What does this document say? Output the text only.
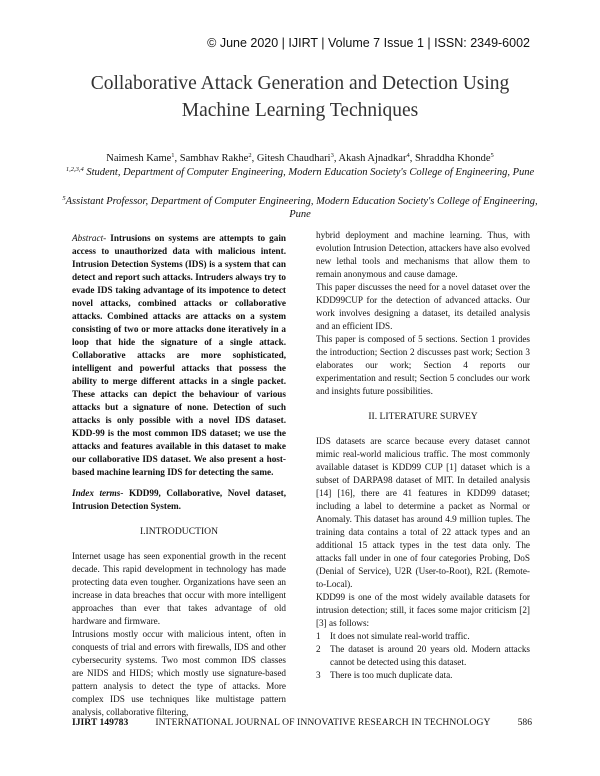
© June 2020 | IJIRT | Volume 7 Issue 1 | ISSN: 2349-6002
Collaborative Attack Generation and Detection Using Machine Learning Techniques
Naimesh Kame$^1$, Sambhav Rakhe$^2$, Gitesh Chaudhari$^3$, Akash Ajnadkar$^4$, Shraddha Khonde$^5$
$^{1,2,3,4}$ Student, Department of Computer Engineering, Modern Education Society's College of Engineering, Pune
$^5$Assistant Professor, Department of Computer Engineering, Modern Education Society's College of Engineering, Pune

Abstract- Intrusions on systems are attempts to gain access to unauthorized data with malicious intent. Intrusion Detection Systems (IDS) is a system that can detect and report such attacks. Intruders always try to evade IDS taking advantage of its impotence to detect novel attacks, combined attacks or collaborative attacks. Combined attacks are attacks on a system consisting of two or more attacks done iteratively in a loop that hide the signature of a single attack. Collaborative attacks are more sophisticated, intelligent and powerful attacks that possess the ability to merge different attacks in a single packet. These attacks can depict the behaviour of various attacks but a signature of none. Detection of such attacks is only possible with a novel IDS dataset. KDD-99 is the most common IDS dataset; we use the attacks and features available in this dataset to make our collaborative IDS dataset. We also present a host-based machine learning IDS for detecting the same.

Index terms- KDD99, Collaborative, Novel dataset, Intrusion Detection System.

I.INTRODUCTION

Internet usage has seen exponential growth in the recent decade. This rapid development in technology has made protecting data even tougher. Organizations have seen an increase in data breaches that occur with more intelligent approaches than ever that takes advantage of old hardware and firmware.

Intrusions mostly occur with malicious intent, often in conquests of trial and errors with firewalls, IDS and other cybersecurity systems. Two most common IDS classes are NIDS and HIDS; which mostly use signature-based pattern analysis to detect the type of attacks. More complex IDS use techniques like multistage pattern analysis, collaborative filtering,

hybrid deployment and machine learning. Thus, with evolution Intrusion Detection, attackers have also evolved new lethal tools and mechanisms that allow them to remain anonymous and cause damage.

This paper discusses the need for a novel dataset over the KDD99CUP for the detection of advanced attacks. Our work involves designing a dataset, its detailed analysis and an efficient IDS.

This paper is composed of 5 sections. Section 1 provides the introduction; Section 2 discusses past work; Section 3 elaborates our work; Section 4 reports our experimentation and result; Section 5 concludes our work and insights future possibilities.

II. LITERATURE SURVEY

IDS datasets are scarce because every dataset cannot mimic real-world malicious traffic. The most commonly available dataset is KDD99 CUP [1] dataset which is a subset of DARPA98 dataset of MIT. In detailed analysis [14] [16], there are 41 features in KDD99 dataset; including a label to determine a packet as Normal or Anomaly. This dataset has around 4.9 million tuples. The training data contains a total of 22 attack types and an additional 15 attack types in the test data only. The attacks fall under in one of four categories Probing, DoS (Denial of Service), U2R (User-to-Root), R2L (Remote-to-Local).

KDD99 is one of the most widely available datasets for intrusion detection; still, it faces some major criticism [2] [3] as follows:

1	It does not simulate real-world traffic.
2	The dataset is around 20 years old. Modern attacks cannot be detected using this dataset.
3	There is too much duplicate data.
IJIRT 149783	INTERNATIONAL JOURNAL OF INNOVATIVE RESEARCH IN TECHNOLOGY	586
